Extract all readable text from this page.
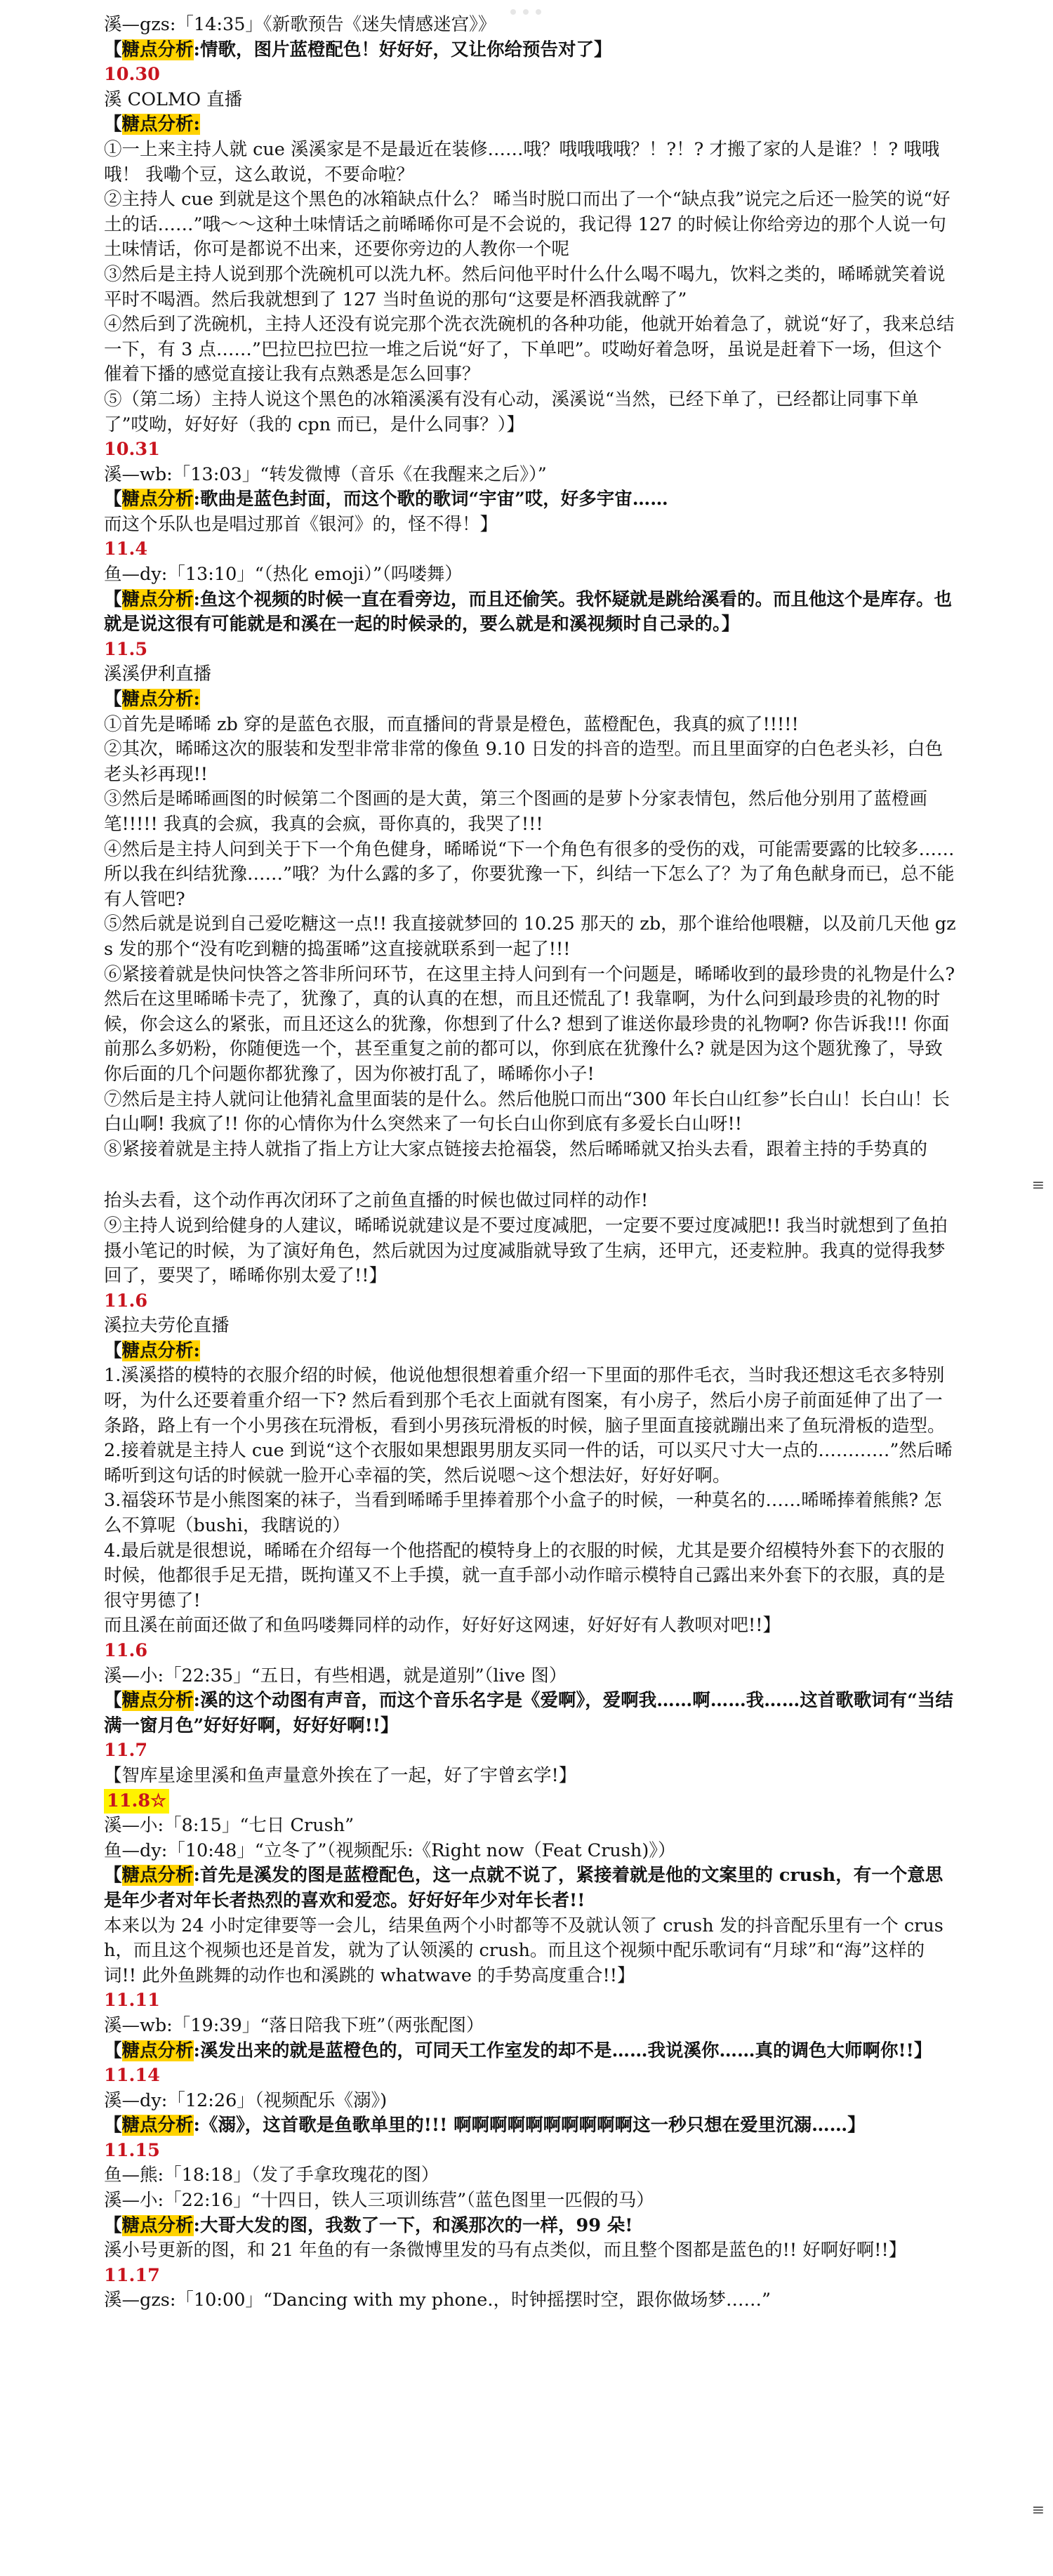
溪—gzs:「14:35」《新歌预告《迷失情感迷宫》》
【糖点分析:情歌，图片蓝橙配色！好好好，又让你给预告对了】
10.30
溪 COLMO 直播
【糖点分析:
①一上来主持人就 cue 溪溪家是不是最近在装修……哦？哦哦哦哦？！?！? 才搬了家的人是谁？！? 哦哦哦！ 我嘞个豆，这么敢说，不要命啦？
②主持人 cue 到就是这个黑色的冰箱缺点什么？ 晞当时脱口而出了一个“缺点我”说完之后还一脸笑的说“好土的话……”哦～～这种土味情话之前晞晞你可是不会说的，我记得 127 的时候让你给旁边的那个人说一句土味情话，你可是都说不出来，还要你旁边的人教你一个呢
③然后是主持人说到那个洗碗机可以洗九杯。然后问他平时什么什么喝不喝九，饮料之类的，晞晞就笑着说平时不喝酒。然后我就想到了 127 当时鱼说的那句“这要是杯酒我就醉了”
④然后到了洗碗机，主持人还没有说完那个洗衣洗碗机的各种功能，他就开始着急了，就说“好了，我来总结一下，有 3 点……”巴拉巴拉巴拉一堆之后说“好了，下单吧”。哎呦好着急呀，虽说是赶着下一场，但这个催着下播的感觉直接让我有点熟悉是怎么回事？
⑤（第二场）主持人说这个黑色的冰箱溪溪有没有心动，溪溪说“当然，已经下单了，已经都让同事下单了”哎呦，好好好（我的 cpn 而已，是什么同事？）】
10.31
溪—wb:「13:03」“转发微博（音乐《在我醒来之后》）”
【糖点分析:歌曲是蓝色封面，而这个歌的歌词“宇宙”哎，好多宇宙……
而这个乐队也是唱过那首《银河》的，怪不得！】
11.4
鱼—dy:「13:10」“（热化 emoji）”（吗喽舞）
【糖点分析:鱼这个视频的时候一直在看旁边，而且还偷笑。我怀疑就是跳给溪看的。而且他这个是库存。也就是说这很有可能就是和溪在一起的时候录的，要么就是和溪视频时自己录的。】
11.5
溪溪伊利直播
【糖点分析:
①首先是晞晞 zb 穿的是蓝色衣服，而直播间的背景是橙色，蓝橙配色，我真的疯了!!!!!
②其次，晞晞这次的服装和发型非常非常的像鱼 9.10 日发的抖音的造型。而且里面穿的白色老头衫，白色老头衫再现!!
③然后是晞晞画图的时候第二个图画的是大黄，第三个图画的是萝卜分家表情包，然后他分别用了蓝橙画笔!!!!! 我真的会疯，我真的会疯，哥你真的，我哭了!!!
④然后是主持人问到关于下一个角色健身，晞晞说“下一个角色有很多的受伤的戏，可能需要露的比较多……所以我在纠结犹豫……”哦？为什么露的多了，你要犹豫一下，纠结一下怎么了？为了角色献身而已，总不能有人管吧?
⑤然后就是说到自己爱吃糖这一点!! 我直接就梦回的 10.25 那天的 zb，那个谁给他喂糖，以及前几天他 gzs 发的那个“没有吃到糖的捣蛋晞”这直接就联系到一起了!!!
⑥紧接着就是快问快答之答非所问环节，在这里主持人问到有一个问题是，晞晞收到的最珍贵的礼物是什么? 然后在这里晞晞卡壳了，犹豫了，真的认真的在想，而且还慌乱了! 我靠啊，为什么问到最珍贵的礼物的时候，你会这么的紧张，而且还这么的犹豫，你想到了什么? 想到了谁送你最珍贵的礼物啊? 你告诉我!!! 你面前那么多奶粉，你随便选一个，甚至重复之前的都可以，你到底在犹豫什么? 就是因为这个题犹豫了，导致你后面的几个问题你都犹豫了，因为你被打乱了，晞晞你小子!
⑦然后是主持人就问让他猜礼盒里面装的是什么。然后他脱口而出“300 年长白山红参”长白山！长白山！长白山啊! 我疯了!! 你的心情你为什么突然来了一句长白山你到底有多爱长白山呀!!
⑧紧接着就是主持人就指了指上方让大家点链接去抢福袋，然后晞晞就又抬头去看，跟着主持的手势真的
抬头去看，这个动作再次闭环了之前鱼直播的时候也做过同样的动作!
⑨主持人说到给健身的人建议，晞晞说就建议是不要过度减肥，一定要不要过度减肥!! 我当时就想到了鱼拍摄小笔记的时候，为了演好角色，然后就因为过度减脂就导致了生病，还甲亢，还麦粒肿。我真的觉得我梦回了，要哭了，晞晞你别太爱了!!】
11.6
溪拉夫劳伦直播
【糖点分析:
1.溪溪搭的模特的衣服介绍的时候，他说他想很想着重介绍一下里面的那件毛衣，当时我还想这毛衣多特别呀，为什么还要着重介绍一下? 然后看到那个毛衣上面就有图案，有小房子，然后小房子前面延伸了出了一条路，路上有一个小男孩在玩滑板，看到小男孩玩滑板的时候，脑子里面直接就蹦出来了鱼玩滑板的造型。
2.接着就是主持人 cue 到说“这个衣服如果想跟男朋友买同一件的话，可以买尺寸大一点的…………”然后晞晞听到这句话的时候就一脸开心幸福的笑，然后说嗯～这个想法好，好好好啊。
3.福袋环节是小熊图案的袜子，当看到晞晞手里捧着那个小盒子的时候，一种莫名的……晞晞捧着熊熊? 怎么不算呢（bushi，我瞎说的）
4.最后就是很想说，晞晞在介绍每一个他搭配的模特身上的衣服的时候，尤其是要介绍模特外套下的衣服的时候，他都很手足无措，既拘谨又不上手摸，就一直手部小动作暗示模特自己露出来外套下的衣服，真的是很守男德了!
而且溪在前面还做了和鱼吗喽舞同样的动作，好好好这网速，好好好有人教呗对吧!!】
11.6
溪—小:「22:35」“五日，有些相遇，就是道别”（live 图）
【糖点分析:溪的这个动图有声音，而这个音乐名字是《爱啊》，爱啊我……啊……我……这首歌歌词有“当结满一窗月色”好好好啊，好好好啊!!】
11.7
【智库星途里溪和鱼声量意外挨在了一起，好了宇曾玄学!】
11.8☆
溪—小:「8:15」“七日 Crush”
鱼—dy:「10:48」“立冬了”（视频配乐:《Right now（Feat Crush)》）
【糖点分析:首先是溪发的图是蓝橙配色，这一点就不说了，紧接着就是他的文案里的 crush，有一个意思是年少者对年长者热烈的喜欢和爱恋。好好好年少对年长者!!
本来以为 24 小时定律要等一会儿，结果鱼两个小时都等不及就认领了 crush 发的抖音配乐里有一个 crush，而且这个视频也还是首发，就为了认领溪的 crush。而且这个视频中配乐歌词有“月球”和“海”这样的词!! 此外鱼跳舞的动作也和溪跳的 whatwave 的手势高度重合!!】
11.11
溪—wb:「19:39」“落日陪我下班”（两张配图）
【糖点分析:溪发出来的就是蓝橙色的，可同天工作室发的却不是……我说溪你……真的调色大师啊你!!】
11.14
溪—dy:「12:26」（视频配乐《溺》)
【糖点分析:《溺》，这首歌是鱼歌单里的!!! 啊啊啊啊啊啊啊啊啊啊这一秒只想在爱里沉溺……】
11.15
鱼—熊:「18:18」（发了手拿玫瑰花的图）
溪—小:「22:16」“十四日，铁人三项训练营”（蓝色图里一匹假的马）
【糖点分析:大哥大发的图，我数了一下，和溪那次的一样，99 朵!
溪小号更新的图，和 21 年鱼的有一条微博里发的马有点类似，而且整个图都是蓝色的!! 好啊好啊!!】
11.17
溪—gzs:「10:00」“Dancing with my phone.，时钟摇摆时空，跟你做场梦……”
≡
≡
